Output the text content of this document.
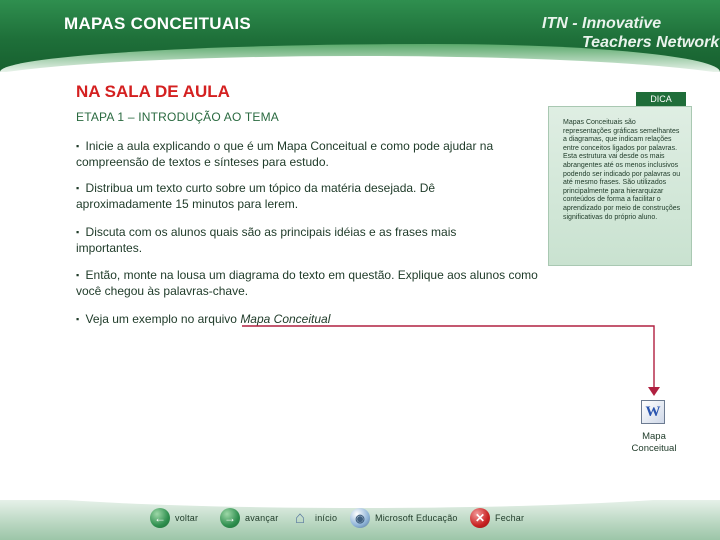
MAPAS CONCEITUAIS	ITN - Innovative
Teachers Network
NA SALA DE AULA
ETAPA 1 – INTRODUÇÃO AO TEMA
▪ Inicie a aula explicando o que é um Mapa Conceitual e como pode ajudar na compreensão de textos e sínteses para estudo.
▪ Distribua um texto curto sobre um tópico da matéria desejada. Dê aproximadamente 15 minutos para lerem.
▪ Discuta com os alunos quais são as principais idéias e as frases mais importantes.
▪ Então, monte na lousa um diagrama do texto em questão. Explique aos alunos como você chegou às palavras-chave.
▪ Veja um exemplo no arquivo Mapa Conceitual
DICA
Mapas Conceituais são representações gráficas semelhantes a diagramas, que indicam relações entre conceitos ligados por palavras. Esta estrutura vai desde os mais abrangentes até os menos inclusivos podendo ser indicado por palavras ou até mesmo frases. São utilizados principalmente para hierarquizar conteúdos de forma a facilitar o aprendizado por meio de construções significativas do próprio aluno.
W
Mapa
Conceitual
←	voltar	→	avançar ⌂	início	◉	Microsoft Educação	✕	Fechar
